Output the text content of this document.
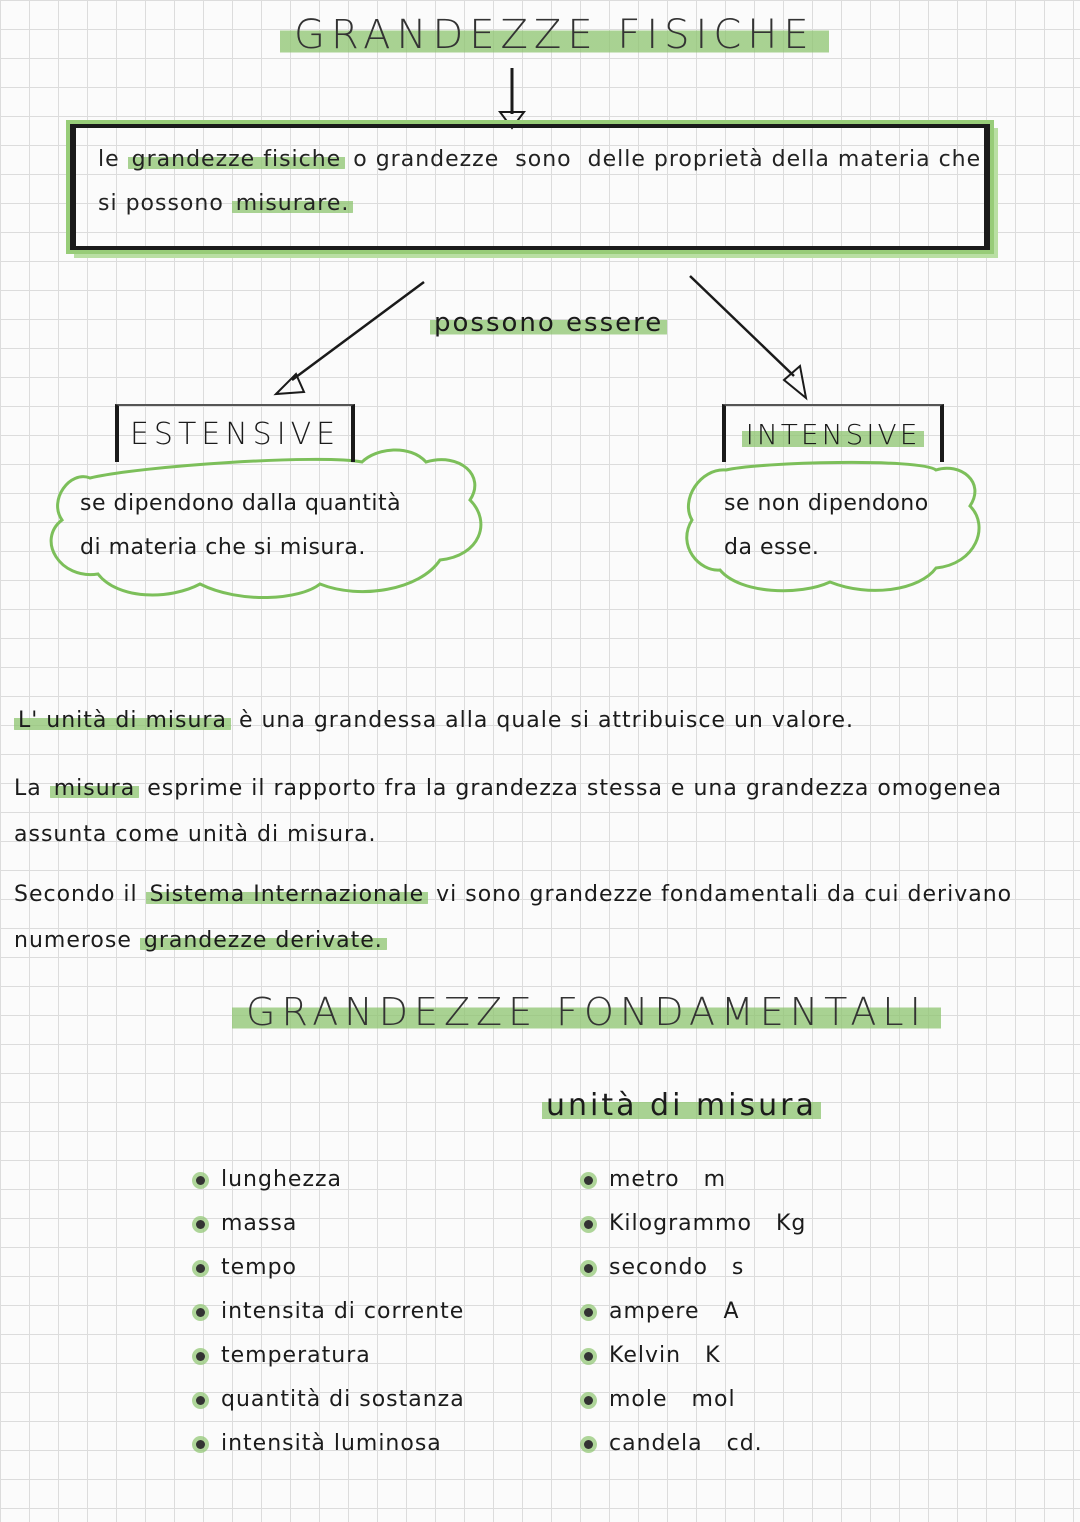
GRANDEZZE FISICHE
le grandezze fisiche o grandezze sono delle proprietà della materia che si possono misurare.
possono essere
ESTENSIVE	INTENSIVE
se dipendono dalla quantità
di materia che si misura.
se non dipendono
da esse.
L' unità di misura è una grandessa alla quale si attribuisce un valore.
La misura esprime il rapporto fra la grandezza stessa e una grandezza omogenea assunta come unità di misura.
Secondo il Sistema Internazionale vi sono grandezze fondamentali da cui derivano numerose grandezze derivate.
GRANDEZZE FONDAMENTALI
unità di misura
lunghezza
massa
tempo
intensita di corrente
temperatura
quantità di sostanza
intensità luminosa
metro m
Kilogrammo Kg
secondo s
ampere A
Kelvin K
mole mol
candela cd.
